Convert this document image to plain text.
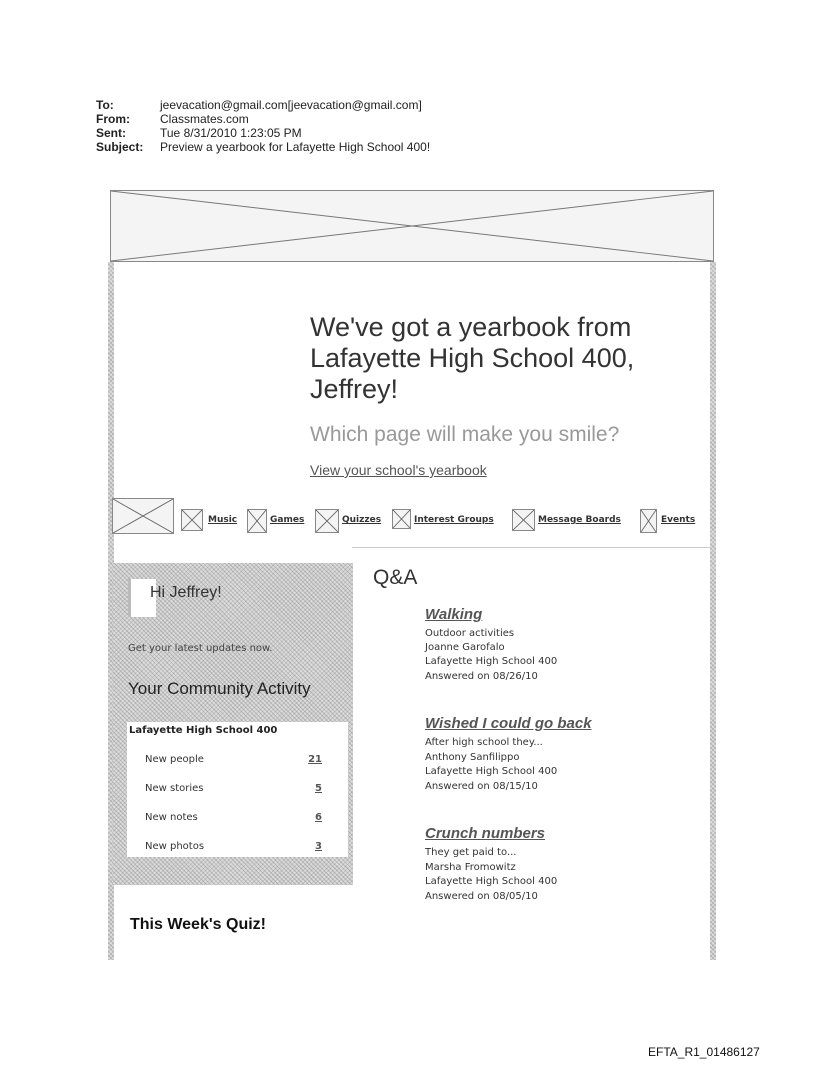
To:	jeevacation@gmail.com[jeevacation@gmail.com]
From:	Classmates.com
Sent:	Tue 8/31/2010 1:23:05 PM
Subject:	Preview a yearbook for Lafayette High School 400!
We've got a yearbook from Lafayette High School 400, Jeffrey!
Which page will make you smile?
View your school's yearbook
Music	Games	Quizzes	Interest Groups	Message Boards	Events
Hi Jeffrey!
Get your latest updates now.
Your Community Activity
Lafayette High School 400
New people	21
New stories	5
New notes	6
New photos	3
This Week's Quiz!
Q&A
Walking
Outdoor activities
Joanne Garofalo
Lafayette High School 400
Answered on 08/26/10
Wished I could go back
After high school they...
Anthony Sanfilippo
Lafayette High School 400
Answered on 08/15/10
Crunch numbers
They get paid to...
Marsha Fromowitz
Lafayette High School 400
Answered on 08/05/10
EFTA_R1_01486127
